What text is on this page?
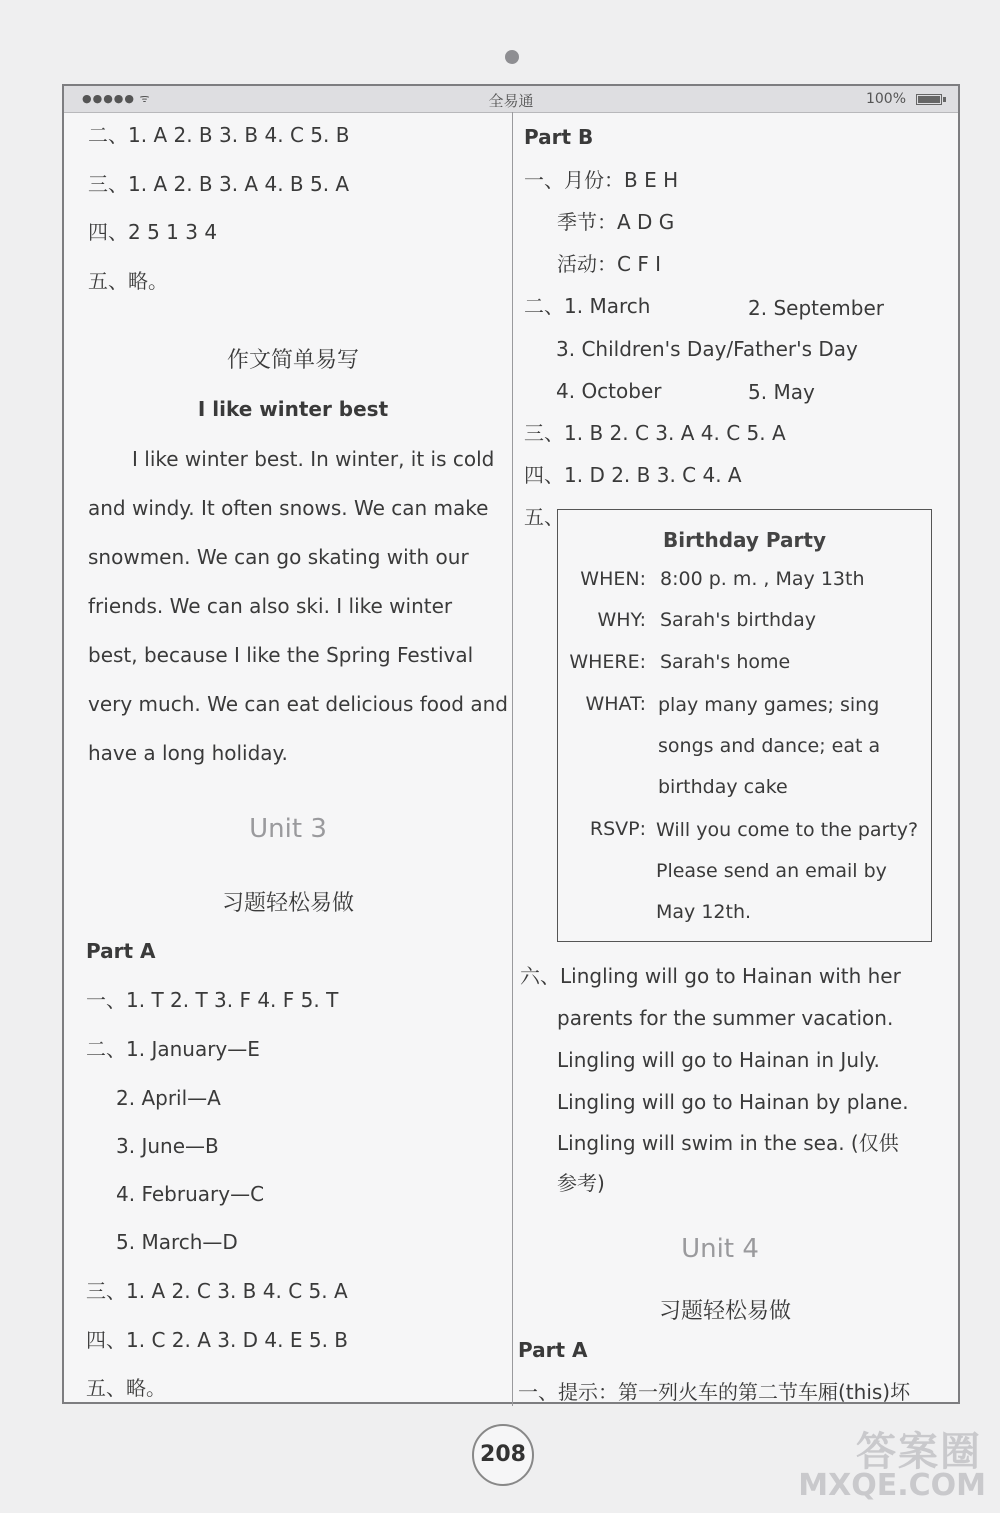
●●●●● ᯤ	全易通	100%
二、1. A 2. B 3. B 4. C 5. B
三、1. A 2. B 3. A 4. B 5. A
四、2 5 1 3 4
五、略。
作文简单易写
I like winter best
I like winter best. In winter, it is cold
and windy. It often snows. We can make
snowmen. We can go skating with our
friends. We can also ski. I like winter
best, because I like the Spring Festival
very much. We can eat delicious food and
have a long holiday.
Unit 3
习题轻松易做
Part A
一、1. T 2. T 3. F 4. F 5. T
二、1. January—E
2. April—A
3. June—B
4. February—C
5. March—D
三、1. A 2. C 3. B 4. C 5. A
四、1. C 2. A 3. D 4. E 5. B
五、略。
Part B
一、月份：B E H
季节：A D G
活动：C F I
二、1. March	2. September
3. Children's Day/Father's Day
4. October	5. May
三、1. B 2. C 3. A 4. C 5. A
四、1. D 2. B 3. C 4. A
五、
Birthday Party
WHEN: 8:00 p. m. , May 13th
WHY: Sarah's birthday
WHERE: Sarah's home
WHAT: play many games; sing
songs and dance; eat a
birthday cake
RSVP: Will you come to the party?
Please send an email by
May 12th.
六、Lingling will go to Hainan with her
parents for the summer vacation.
Lingling will go to Hainan in July.
Lingling will go to Hainan by plane.
Lingling will swim in the sea. (仅供
参考)
Unit 4
习题轻松易做
Part A
一、提示：第一列火车的第二节车厢(this)坏
208	答案圈
MXQE.COM
